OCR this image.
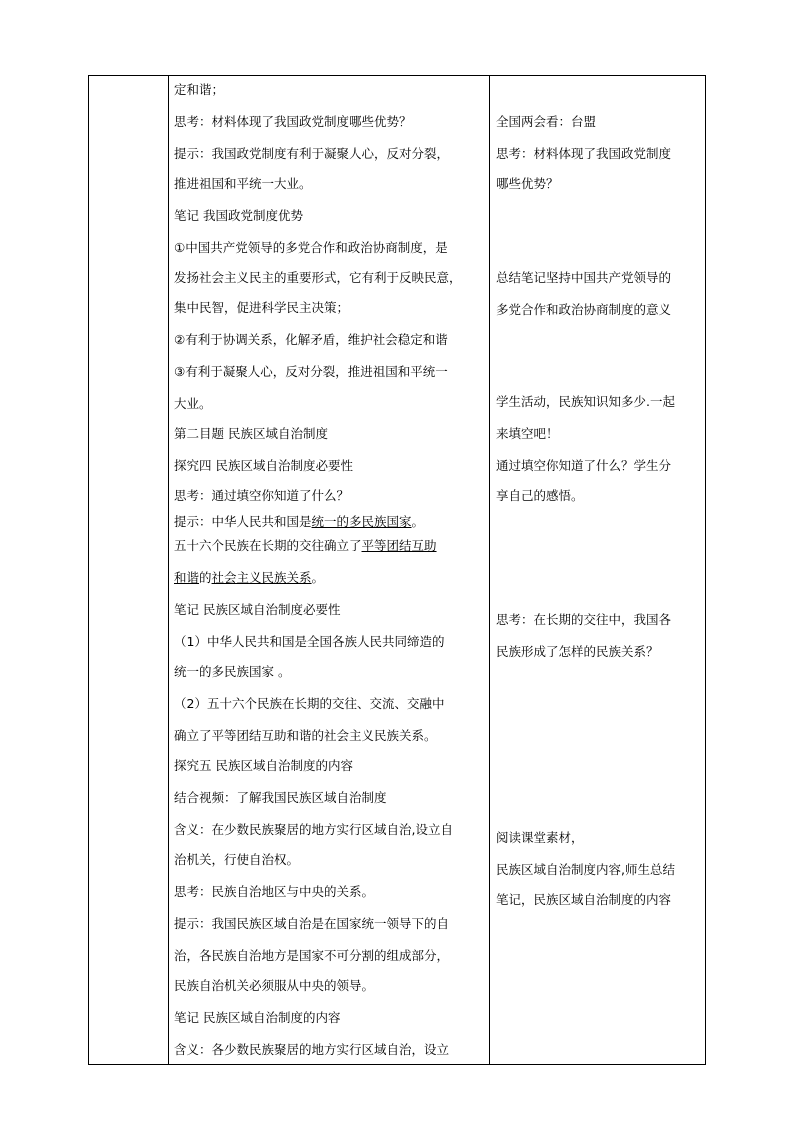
定和谐；
思考：材料体现了我国政党制度哪些优势？
提示：我国政党制度有利于凝聚人心，反对分裂，
推进祖国和平统一大业。
笔记 我国政党制度优势
①中国共产党领导的多党合作和政治协商制度，是
发扬社会主义民主的重要形式，它有利于反映民意，
集中民智，促进科学民主决策；
②有利于协调关系，化解矛盾，维护社会稳定和谐
③有利于凝聚人心，反对分裂，推进祖国和平统一
大业。
第二目题 民族区域自治制度
探究四 民族区域自治制度必要性
思考：通过填空你知道了什么？
提示：中华人民共和国是统一的多民族国家。
五十六个民族在长期的交往确立了平等团结互助
和谐的社会主义民族关系。
笔记 民族区域自治制度必要性
（1）中华人民共和国是全国各族人民共同缔造的
统一的多民族国家 。
（2）五十六个民族在长期的交往、交流、交融中
确立了平等团结互助和谐的社会主义民族关系。
探究五 民族区域自治制度的内容
结合视频：了解我国民族区域自治制度
含义：在少数民族聚居的地方实行区域自治,设立自
治机关，行使自治权。
思考：民族自治地区与中央的关系。
提示：我国民族区域自治是在国家统一领导下的自
治，各民族自治地方是国家不可分割的组成部分，
民族自治机关必须服从中央的领导。
笔记 民族区域自治制度的内容
含义：各少数民族聚居的地方实行区域自治，设立
全国两会看：台盟
思考：材料体现了我国政党制度
哪些优势？
总结笔记坚持中国共产党领导的
多党合作和政治协商制度的意义
学生活动，民族知识知多少.一起
来填空吧！
通过填空你知道了什么？学生分
享自己的感悟。
思考：在长期的交往中，我国各
民族形成了怎样的民族关系？
阅读课堂素材，
民族区域自治制度内容,师生总结
笔记，民族区域自治制度的内容
